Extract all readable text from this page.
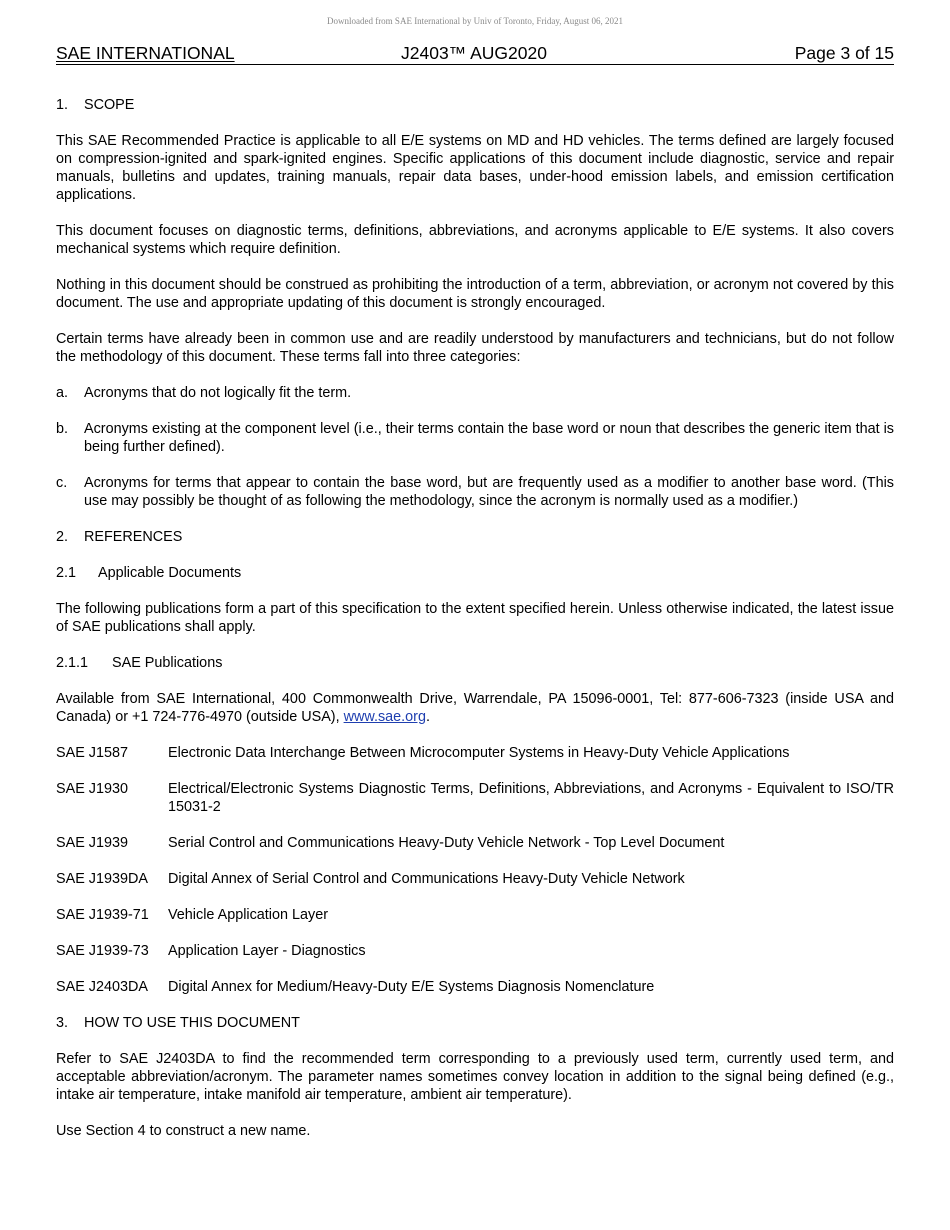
Downloaded from SAE International by Univ of Toronto, Friday, August 06, 2021
SAE INTERNATIONAL	J2403™ AUG2020	Page 3 of 15
1.	SCOPE

This SAE Recommended Practice is applicable to all E/E systems on MD and HD vehicles. The terms defined are largely focused on compression-ignited and spark-ignited engines. Specific applications of this document include diagnostic, service and repair manuals, bulletins and updates, training manuals, repair data bases, under-hood emission labels, and emission certification applications.

This document focuses on diagnostic terms, definitions, abbreviations, and acronyms applicable to E/E systems. It also covers mechanical systems which require definition.

Nothing in this document should be construed as prohibiting the introduction of a term, abbreviation, or acronym not covered by this document. The use and appropriate updating of this document is strongly encouraged.

Certain terms have already been in common use and are readily understood by manufacturers and technicians, but do not follow the methodology of this document. These terms fall into three categories:

a.	Acronyms that do not logically fit the term.
b.	Acronyms existing at the component level (i.e., their terms contain the base word or noun that describes the generic item that is being further defined).
c.	Acronyms for terms that appear to contain the base word, but are frequently used as a modifier to another base word. (This use may possibly be thought of as following the methodology, since the acronym is normally used as a modifier.)
2.	REFERENCES
2.1	Applicable Documents

The following publications form a part of this specification to the extent specified herein. Unless otherwise indicated, the latest issue of SAE publications shall apply.

2.1.1	SAE Publications

Available from SAE International, 400 Commonwealth Drive, Warrendale, PA 15096-0001, Tel: 877-606-7323 (inside USA and Canada) or +1 724-776-4970 (outside USA), www.sae.org.

SAE J1587	Electronic Data Interchange Between Microcomputer Systems in Heavy-Duty Vehicle Applications
SAE J1930	Electrical/Electronic Systems Diagnostic Terms, Definitions, Abbreviations, and Acronyms - Equivalent to ISO/TR 15031-2
SAE J1939	Serial Control and Communications Heavy-Duty Vehicle Network - Top Level Document
SAE J1939DA	Digital Annex of Serial Control and Communications Heavy-Duty Vehicle Network
SAE J1939-71	Vehicle Application Layer
SAE J1939-73	Application Layer - Diagnostics
SAE J2403DA	Digital Annex for Medium/Heavy-Duty E/E Systems Diagnosis Nomenclature
3.	HOW TO USE THIS DOCUMENT

Refer to SAE J2403DA to find the recommended term corresponding to a previously used term, currently used term, and acceptable abbreviation/acronym. The parameter names sometimes convey location in addition to the signal being defined (e.g., intake air temperature, intake manifold air temperature, ambient air temperature).

Use Section 4 to construct a new name.
